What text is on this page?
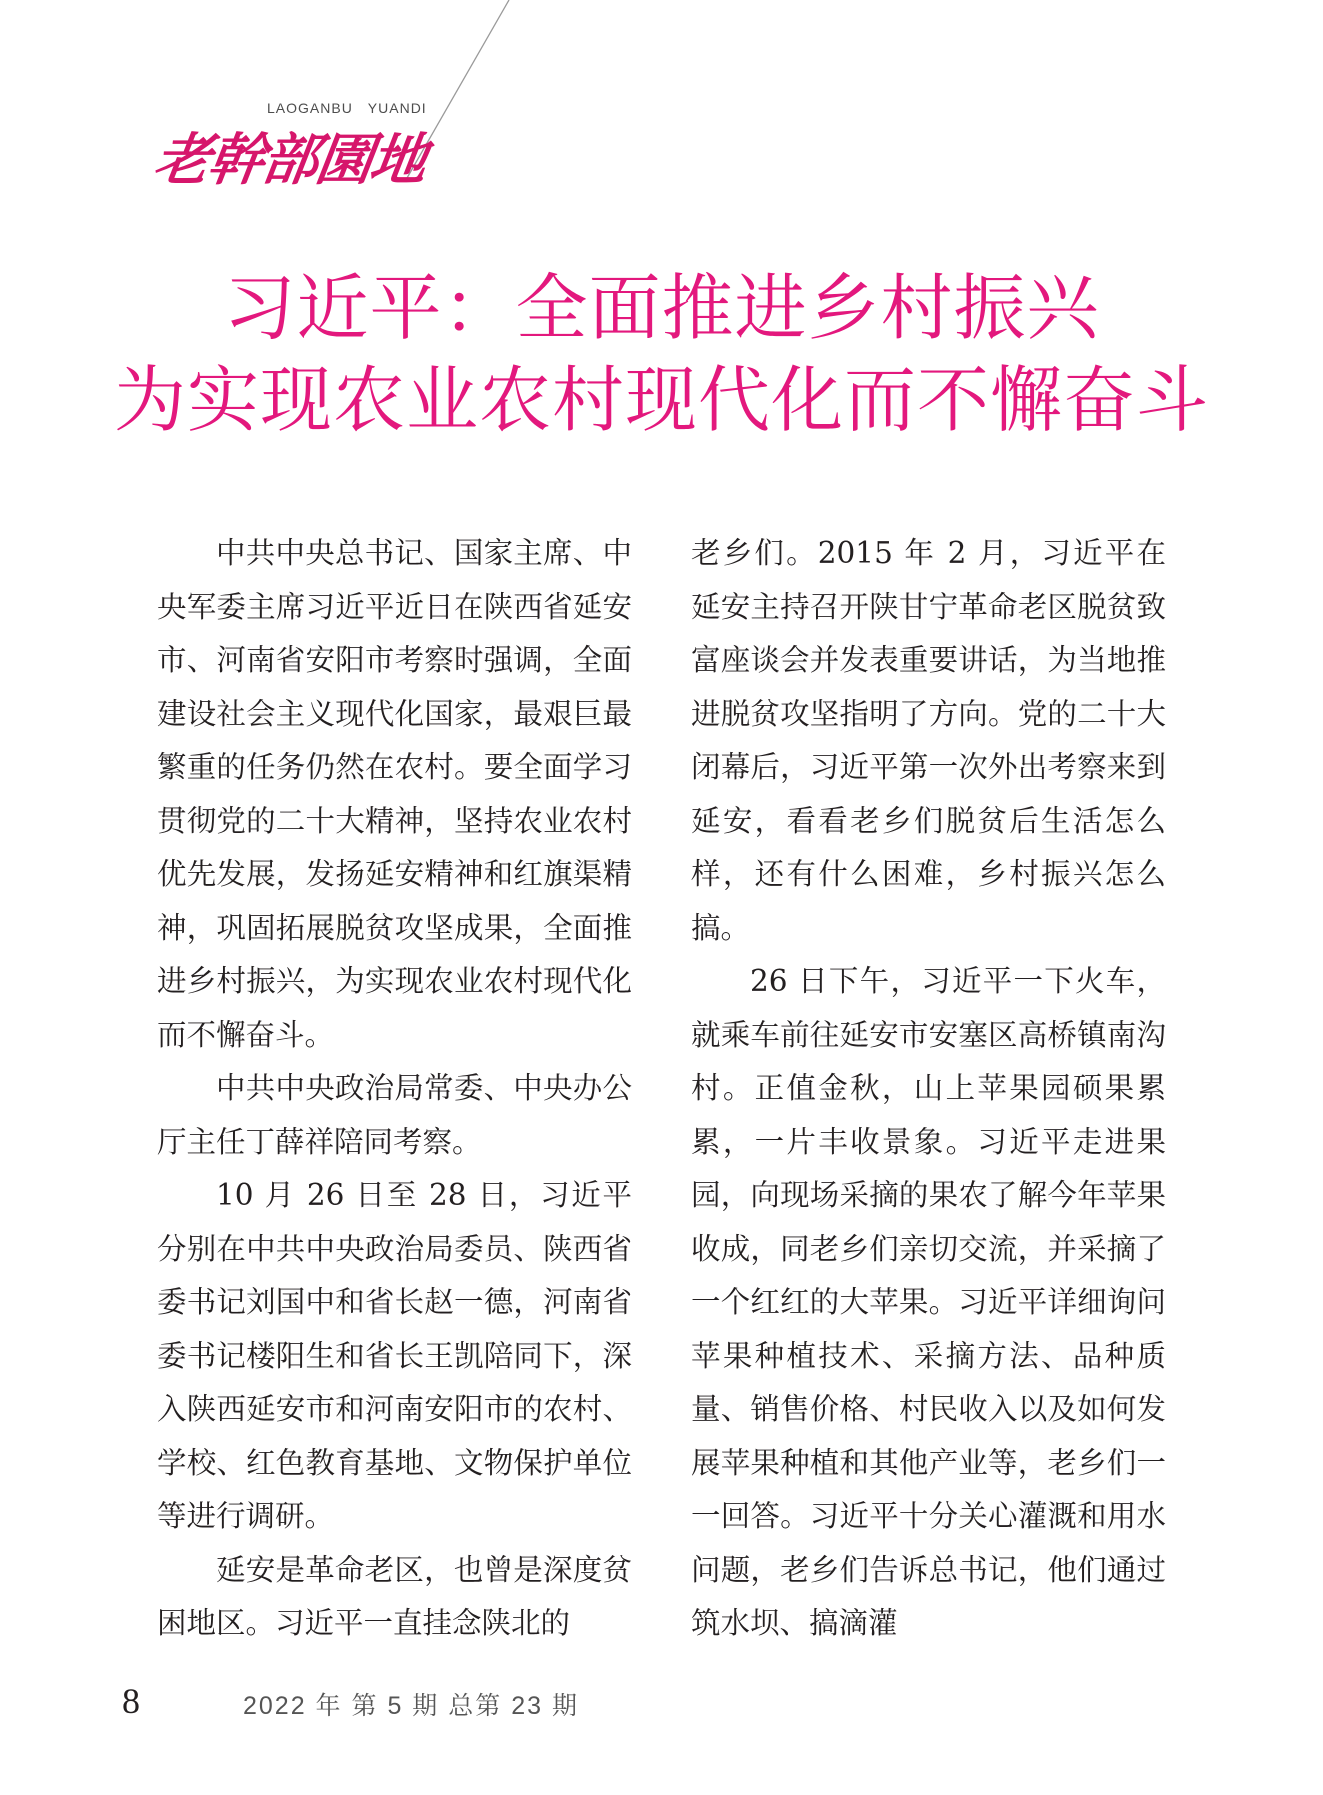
LAOGANBU　YUANDI
老幹部園地
习近平：全面推进乡村振兴
为实现农业农村现代化而不懈奋斗

中共中央总书记、国家主席、中央军委主席习近平近日在陕西省延安市、河南省安阳市考察时强调，全面建设社会主义现代化国家，最艰巨最繁重的任务仍然在农村。要全面学习贯彻党的二十大精神，坚持农业农村优先发展，发扬延安精神和红旗渠精神，巩固拓展脱贫攻坚成果，全面推进乡村振兴，为实现农业农村现代化而不懈奋斗。

中共中央政治局常委、中央办公厅主任丁薛祥陪同考察。

10 月 26 日至 28 日，习近平分别在中共中央政治局委员、陕西省委书记刘国中和省长赵一德，河南省委书记楼阳生和省长王凯陪同下，深入陕西延安市和河南安阳市的农村、学校、红色教育基地、文物保护单位等进行调研。

延安是革命老区，也曾是深度贫困地区。习近平一直挂念陕北的

老乡们。2015 年 2 月，习近平在延安主持召开陕甘宁革命老区脱贫致富座谈会并发表重要讲话，为当地推进脱贫攻坚指明了方向。党的二十大闭幕后，习近平第一次外出考察来到延安，看看老乡们脱贫后生活怎么样，还有什么困难，乡村振兴怎么搞。

26 日下午，习近平一下火车，就乘车前往延安市安塞区高桥镇南沟村。正值金秋，山上苹果园硕果累累，一片丰收景象。习近平走进果园，向现场采摘的果农了解今年苹果收成，同老乡们亲切交流，并采摘了一个红红的大苹果。习近平详细询问苹果种植技术、采摘方法、品种质量、销售价格、村民收入以及如何发展苹果种植和其他产业等，老乡们一一回答。习近平十分关心灌溉和用水问题，老乡们告诉总书记，他们通过筑水坝、搞滴灌

8	2022 年 第 5 期 总第 23 期
